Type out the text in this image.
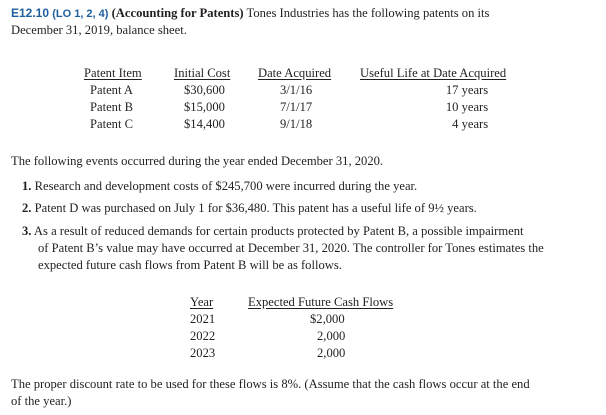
E12.10 (LO 1, 2, 4) (Accounting for Patents) Tones Industries has the following patents on its
December 31, 2019, balance sheet.
Patent Item	Initial Cost	Date Acquired	Useful Life at Date Acquired
Patent A	$30,600	3/1/16	17 years
Patent B	$15,000	7/1/17	10 years
Patent C	$14,400	9/1/18	4 years
The following events occurred during the year ended December 31, 2020.
1. Research and development costs of $245,700 were incurred during the year.
2. Patent D was purchased on July 1 for $36,480. This patent has a useful life of 9½ years.
3. As a result of reduced demands for certain products protected by Patent B, a possible impairment
of Patent B’s value may have occurred at December 31, 2020. The controller for Tones estimates the
expected future cash flows from Patent B will be as follows.
Year	Expected Future Cash Flows
2021	$2,000
2022	2,000
2023	2,000
The proper discount rate to be used for these flows is 8%. (Assume that the cash flows occur at the end
of the year.)
